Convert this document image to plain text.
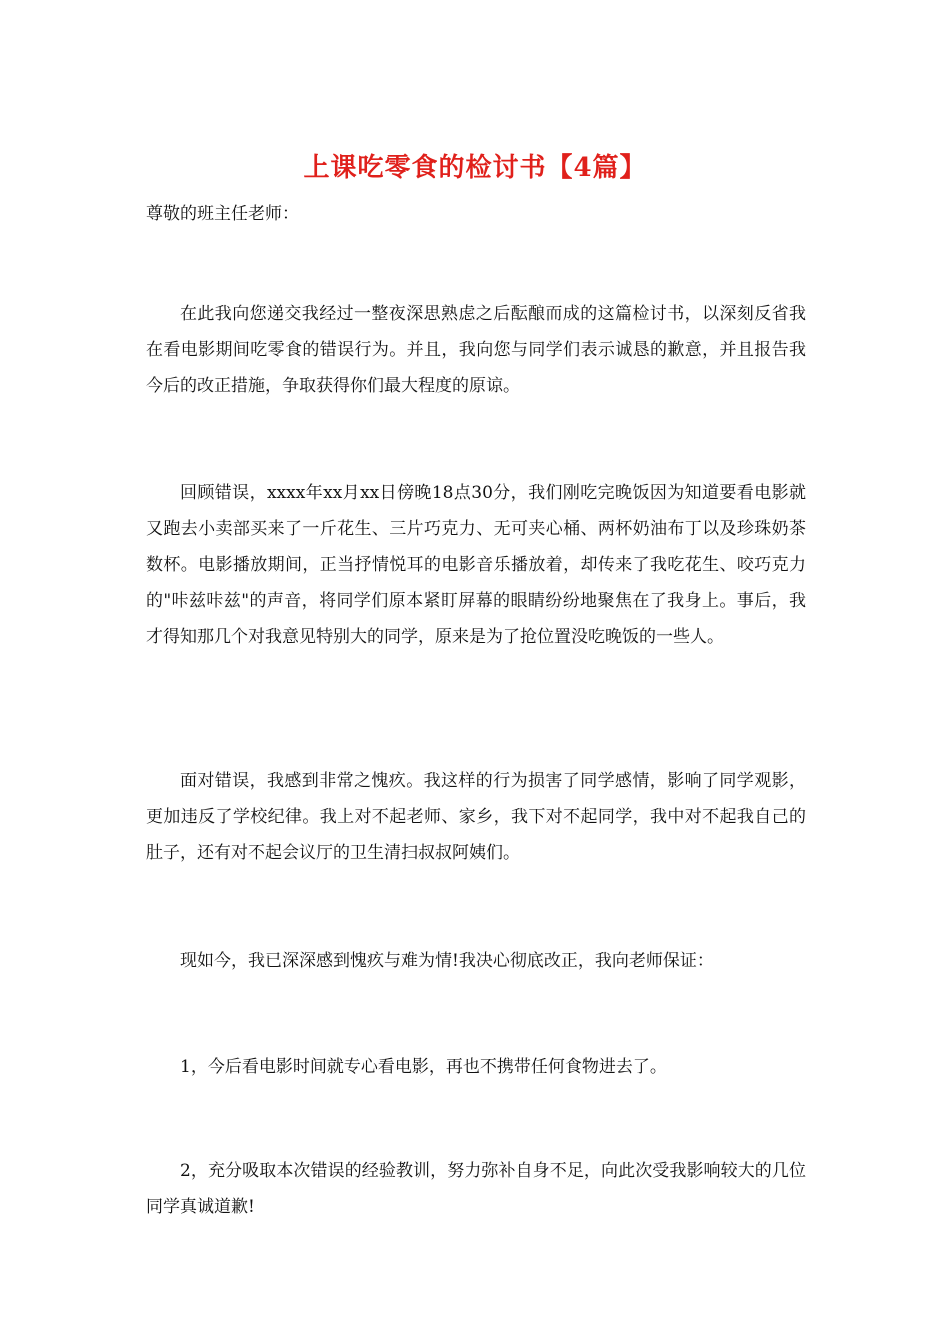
上课吃零食的检讨书【4篇】
尊敬的班主任老师：

在此我向您递交我经过一整夜深思熟虑之后酝酿而成的这篇检讨书，以深刻反省我在看电影期间吃零食的错误行为。并且，我向您与同学们表示诚恳的歉意，并且报告我今后的改正措施，争取获得你们最大程度的原谅。

回顾错误，xxxx年xx月xx日傍晚18点30分，我们刚吃完晚饭因为知道要看电影就又跑去小卖部买来了一斤花生、三片巧克力、无可夹心桶、两杯奶油布丁以及珍珠奶茶数杯。电影播放期间，正当抒情悦耳的电影音乐播放着，却传来了我吃花生、咬巧克力的"咔兹咔兹"的声音，将同学们原本紧盯屏幕的眼睛纷纷地聚焦在了我身上。事后，我才得知那几个对我意见特别大的同学，原来是为了抢位置没吃晚饭的一些人。

面对错误，我感到非常之愧疚。我这样的行为损害了同学感情，影响了同学观影，更加违反了学校纪律。我上对不起老师、家乡，我下对不起同学，我中对不起我自己的肚子，还有对不起会议厅的卫生清扫叔叔阿姨们。

现如今，我已深深感到愧疚与难为情!我决心彻底改正，我向老师保证：

1，今后看电影时间就专心看电影，再也不携带任何食物进去了。

2，充分吸取本次错误的经验教训，努力弥补自身不足，向此次受我影响较大的几位同学真诚道歉!
